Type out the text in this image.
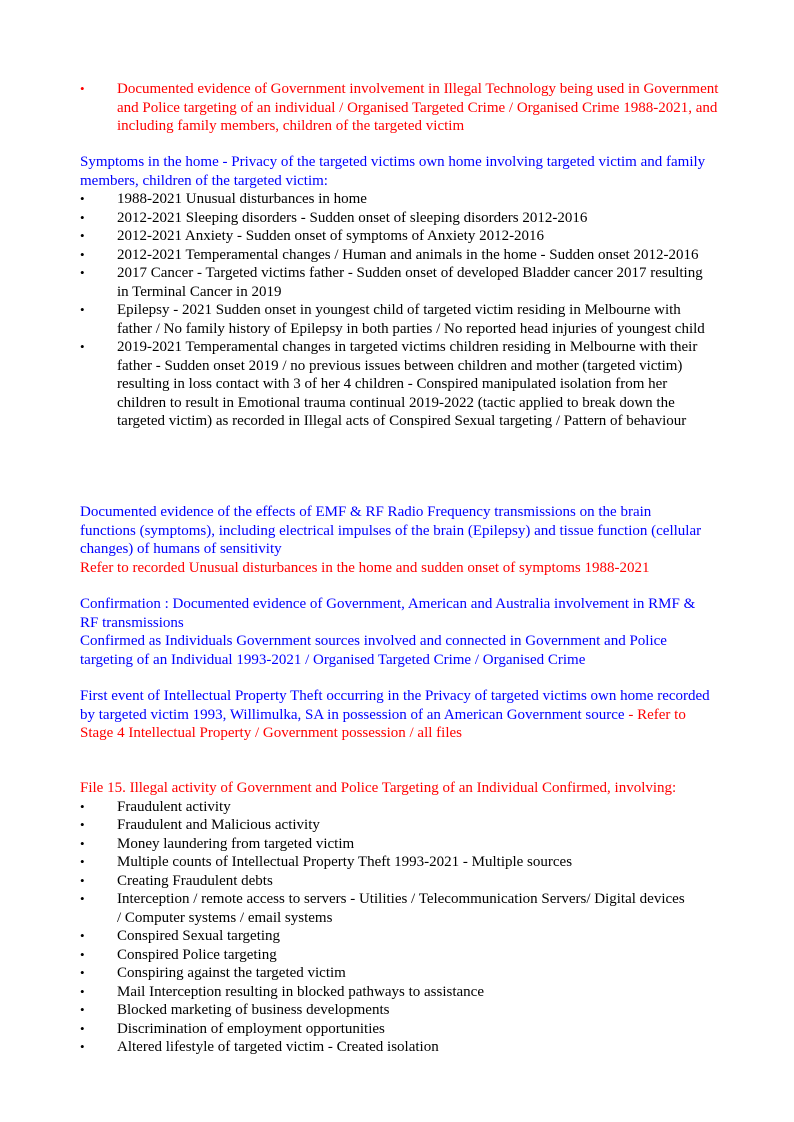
• Documented evidence of Government involvement in Illegal Technology being used in Government and Police targeting of an individual / Organised Targeted Crime / Organised Crime 1988-2021, and including family members, children of the targeted victim

Symptoms in the home - Privacy of the targeted victims own home involving targeted victim and family members, children of the targeted victim:

• 1988-2021 Unusual disturbances in home
• 2012-2021 Sleeping disorders - Sudden onset of sleeping disorders 2012-2016
• 2012-2021 Anxiety - Sudden onset of symptoms of Anxiety 2012-2016
• 2012-2021 Temperamental changes / Human and animals in the home - Sudden onset 2012-2016
• 2017 Cancer - Targeted victims father - Sudden onset of developed Bladder cancer 2017 resulting in Terminal Cancer in 2019
• Epilepsy - 2021 Sudden onset in youngest child of targeted victim residing in Melbourne with father / No family history of Epilepsy in both parties / No reported head injuries of youngest child
• 2019-2021 Temperamental changes in targeted victims children residing in Melbourne with their father - Sudden onset 2019 / no previous issues between children and mother (targeted victim) resulting in loss contact with 3 of her 4 children - Conspired manipulated isolation from her children to result in Emotional trauma continual 2019-2022 (tactic applied to break down the targeted victim) as recorded in Illegal acts of Conspired Sexual targeting / Pattern of behaviour

Documented evidence of the effects of EMF & RF Radio Frequency transmissions on the brain functions (symptoms), including electrical impulses of the brain (Epilepsy) and tissue function (cellular changes) of humans of sensitivity

Refer to recorded Unusual disturbances in the home and sudden onset of symptoms 1988-2021

Confirmation : Documented evidence of Government, American and Australia involvement in RMF & RF transmissions

Confirmed as Individuals Government sources involved and connected in Government and Police targeting of an Individual 1993-2021 / Organised Targeted Crime / Organised Crime

First event of Intellectual Property Theft occurring in the Privacy of targeted victims own home recorded by targeted victim 1993, Willimulka, SA in possession of an American Government source - Refer to Stage 4 Intellectual Property / Government possession / all files

File 15. Illegal activity of Government and Police Targeting of an Individual Confirmed, involving:

• Fraudulent activity
• Fraudulent and Malicious activity
• Money laundering from targeted victim
• Multiple counts of Intellectual Property Theft 1993-2021 - Multiple sources
• Creating Fraudulent debts
• Interception / remote access to servers - Utilities / Telecommunication Servers/ Digital devices / Computer systems / email systems
• Conspired Sexual targeting
• Conspired Police targeting
• Conspiring against the targeted victim
• Mail Interception resulting in blocked pathways to assistance
• Blocked marketing of business developments
• Discrimination of employment opportunities
• Altered lifestyle of targeted victim - Created isolation
